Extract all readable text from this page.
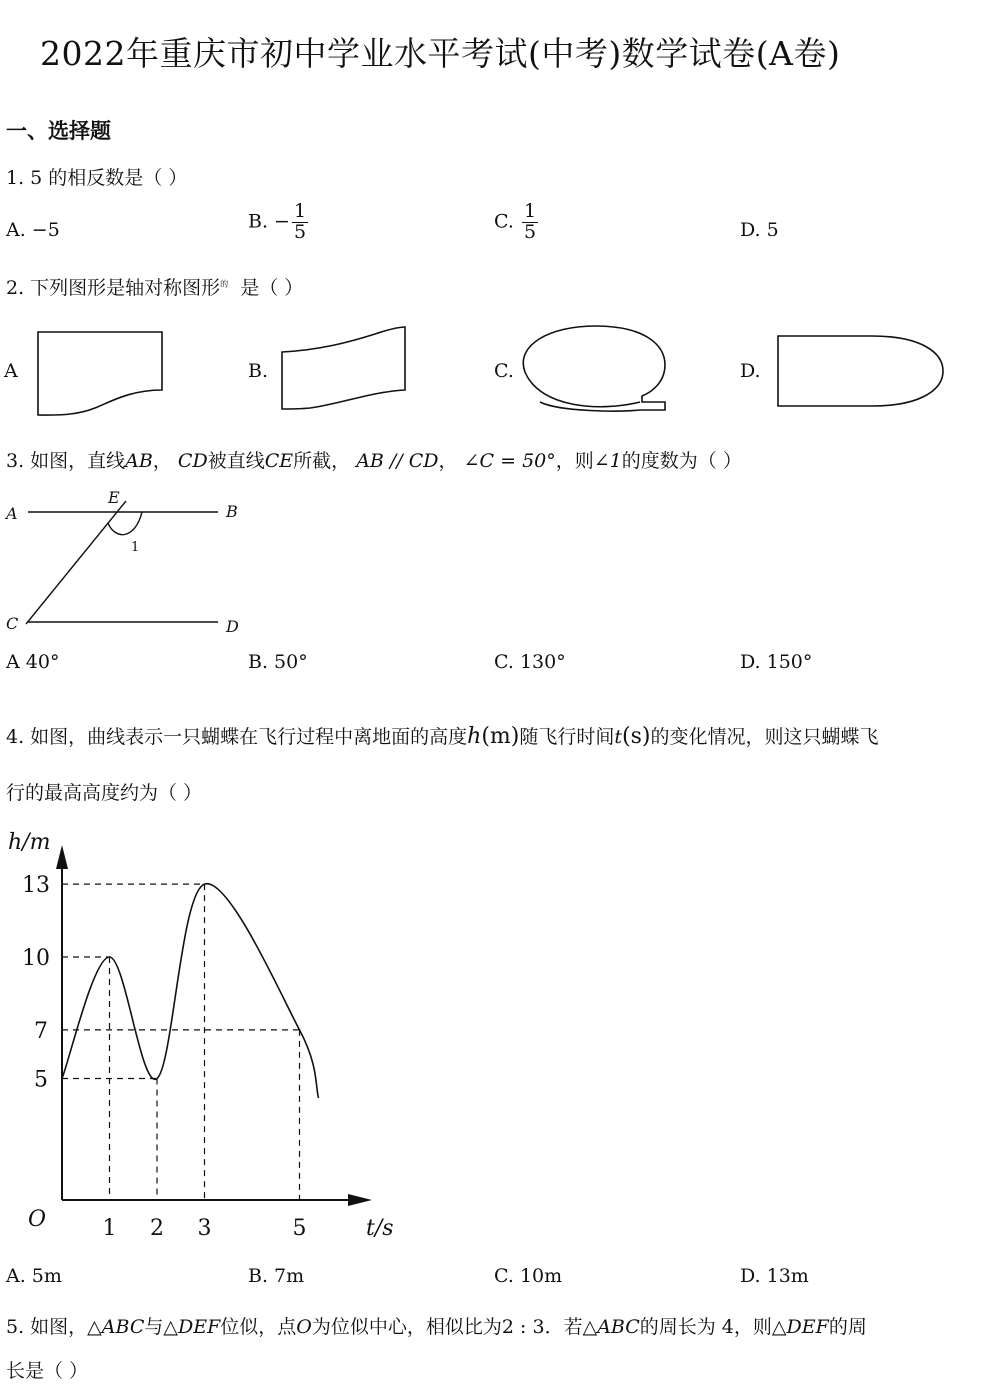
2022年重庆市初中学业水平考试(中考)数学试卷(A卷)
一、选择题
1. 5 的相反数是（ ）
A. −5	B. − $\frac{1}{5}$	C. $\frac{1}{5}$	D. 5
2. 下列图形是轴对称图形$^的$ 是（ ）
A	B.	C.	D.
3. 如图，直线AB， CD被直线CE所截， AB // CD， ∠C = 50°，则∠1的度数为（ ）
A	B
C	D
E
1
A 40°	B. 50°	C. 130°	D. 150°
4. 如图，曲线表示一只蝴蝶在飞行过程中离地面的高度h(m)随飞行时间t(s)的变化情况，则这只蝴蝶飞
行的最高高度约为（ ）
1 2 3	5
5
7
10
13
h/m
t/s
O
A. 5m	B. 7m	C. 10m	D. 13m
5. 如图，△ABC与△DEF位似，点O为位似中心，相似比为2 : 3．若△ABC的周长为 4，则△DEF的周
长是（ ）
